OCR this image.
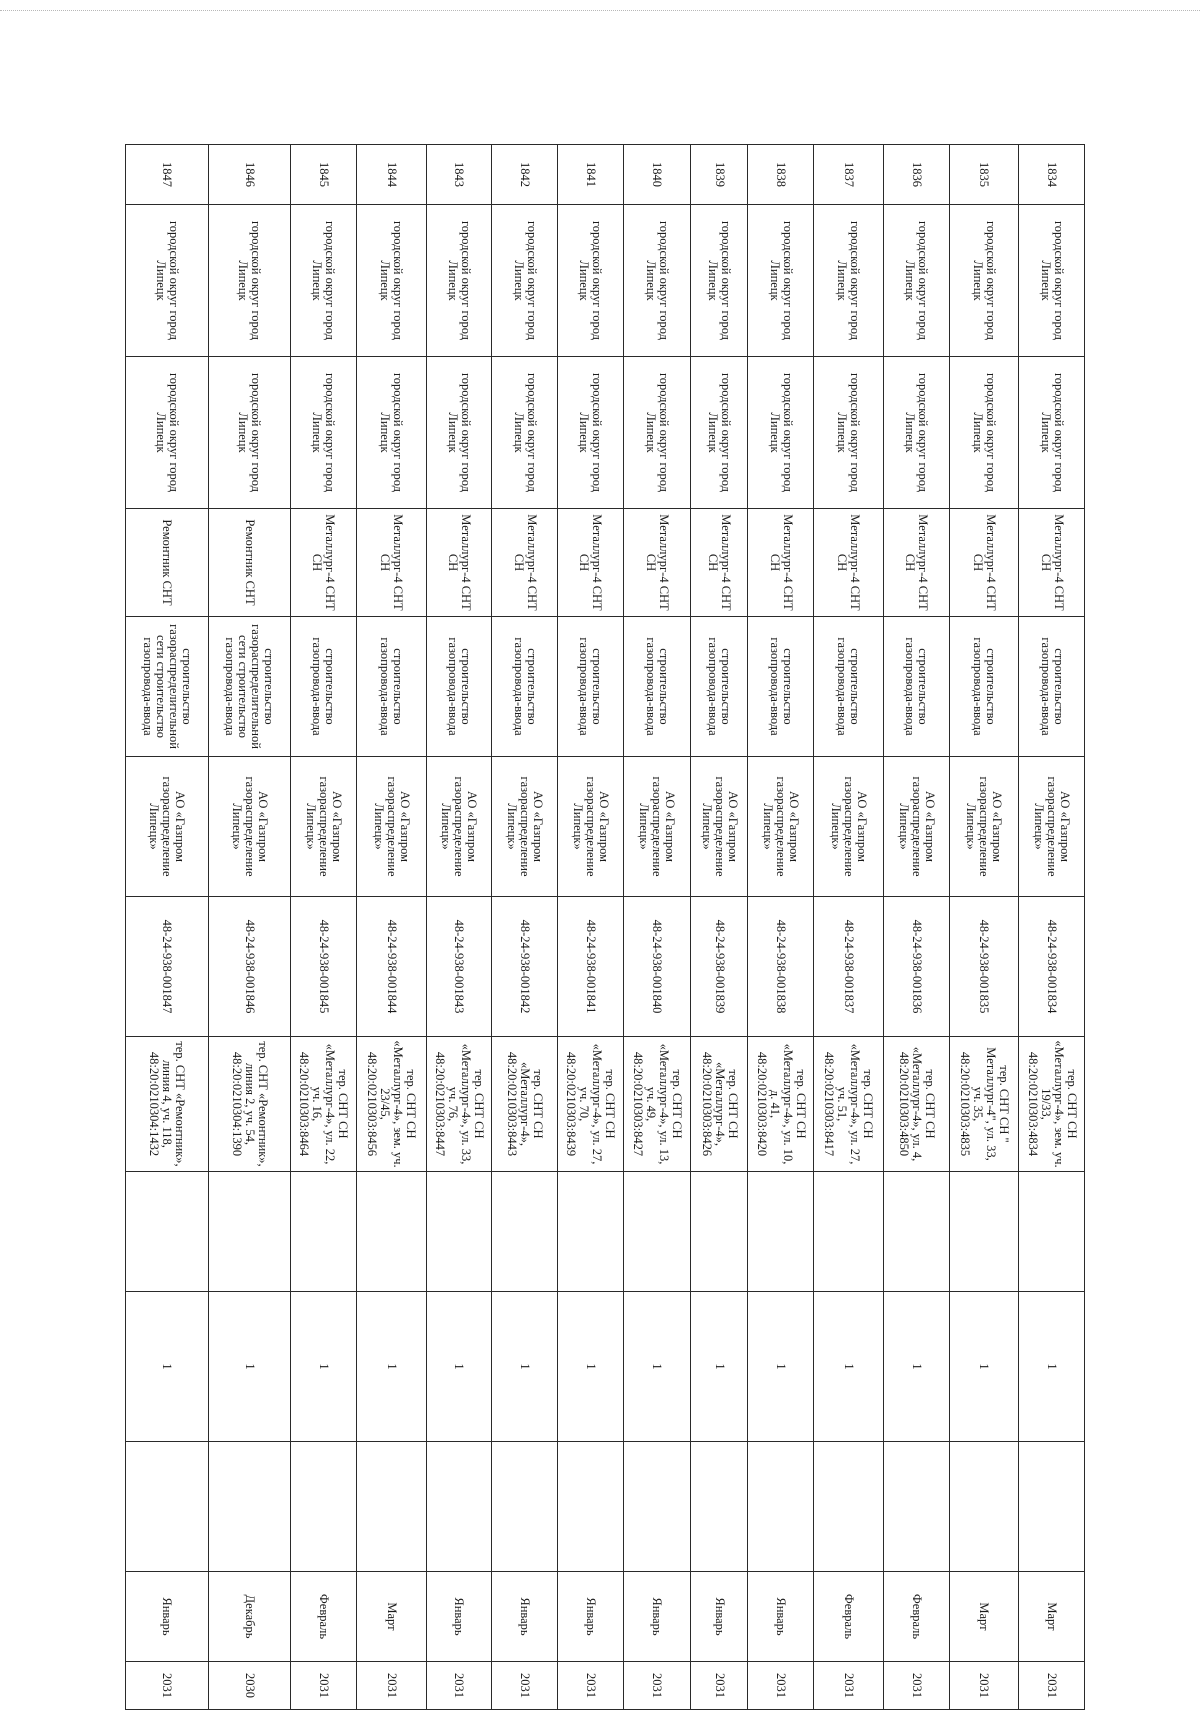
1834	городской округ город Липецк	городской округ город Липецк	Металлург-4 СНТ СН	строительство газопровода-ввода	АО «Газпром газораспределение Липецк»	48-24-938-001834	тер. СНТ СН «Металлург-4», зем. уч. 19/33, 48:20:0210303:4834		1		Март	2031
1835	городской округ город Липецк	городской округ город Липецк	Металлург-4 СНТ СН	строительство газопровода-ввода	АО «Газпром газораспределение Липецк»	48-24-938-001835	тер. СНТ СН " Металлург-4", ул. 33, уч. 35, 48:20:0210303:4835		1		Март	2031
1836	городской округ город Липецк	городской округ город Липецк	Металлург-4 СНТ СН	строительство газопровода-ввода	АО «Газпром газораспределение Липецк»	48-24-938-001836	тер. СНТ СН «Металлург-4», ул. 4, 48:20:0210303:4850		1		Февраль	2031
1837	городской округ город Липецк	городской округ город Липецк	Металлург-4 СНТ СН	строительство газопровода-ввода	АО «Газпром газораспределение Липецк»	48-24-938-001837	тер. СНТ СН «Металлург-4», ул. 27, уч. 51, 48:20:0210303:8417		1		Февраль	2031
1838	городской округ город Липецк	городской округ город Липецк	Металлург-4 СНТ СН	строительство газопровода-ввода	АО «Газпром газораспределение Липецк»	48-24-938-001838	тер. СНТ СН «Металлург-4», ул. 10, д. 41, 48:20:0210303:8420		1		Январь	2031
1839	городской округ город Липецк	городской округ город Липецк	Металлург-4 СНТ СН	строительство газопровода-ввода	АО «Газпром газораспределение Липецк»	48-24-938-001839	тер. СНТ СН «Металлург-4», 48:20:0210303:8426		1		Январь	2031
1840	городской округ город Липецк	городской округ город Липецк	Металлург-4 СНТ СН	строительство газопровода-ввода	АО «Газпром газораспределение Липецк»	48-24-938-001840	тер. СНТ СН «Металлург-4», ул. 13, уч. 49, 48:20:0210303:8427		1		Январь	2031
1841	городской округ город Липецк	городской округ город Липецк	Металлург-4 СНТ СН	строительство газопровода-ввода	АО «Газпром газораспределение Липецк»	48-24-938-001841	тер. СНТ СН «Металлург-4», ул. 27, уч. 70, 48:20:0210303:8439		1		Январь	2031
1842	городской округ город Липецк	городской округ город Липецк	Металлург-4 СНТ СН	строительство газопровода-ввода	АО «Газпром газораспределение Липецк»	48-24-938-001842	тер. СНТ СН «Металлург-4», 48:20:0210303:8443		1		Январь	2031
1843	городской округ город Липецк	городской округ город Липецк	Металлург-4 СНТ СН	строительство газопровода-ввода	АО «Газпром газораспределение Липецк»	48-24-938-001843	тер. СНТ СН «Металлург-4», ул. 33, уч. 76, 48:20:0210303:8447		1		Январь	2031
1844	городской округ город Липецк	городской округ город Липецк	Металлург-4 СНТ СН	строительство газопровода-ввода	АО «Газпром газораспределение Липецк»	48-24-938-001844	тер. СНТ СН «Металлург-4», зем. уч. 23/45, 48:20:0210303:8456		1		Март	2031
1845	городской округ город Липецк	городской округ город Липецк	Металлург-4 СНТ СН	строительство газопровода-ввода	АО «Газпром газораспределение Липецк»	48-24-938-001845	тер. СНТ СН «Металлург-4», ул. 22, уч. 16, 48:20:0210303:8464		1		Февраль	2031
1846	городской округ город Липецк	городской округ город Липецк	Ремонтник СНТ	строительство газораспределительной сети строительство газопровода-ввода	АО «Газпром газораспределение Липецк»	48-24-938-001846	тер. СНТ «Ремонтник», линия 2, уч. 54, 48:20:0210304:1390		1		Декабрь	2030
1847	городской округ город Липецк	городской округ город Липецк	Ремонтник СНТ	строительство газораспределительной сети строительство газопровода-ввода	АО «Газпром газораспределение Липецк»	48-24-938-001847	тер. СНТ «Ремонтник», линия 4, уч. 118, 48:20:0210304:1432		1		Январь	2031
